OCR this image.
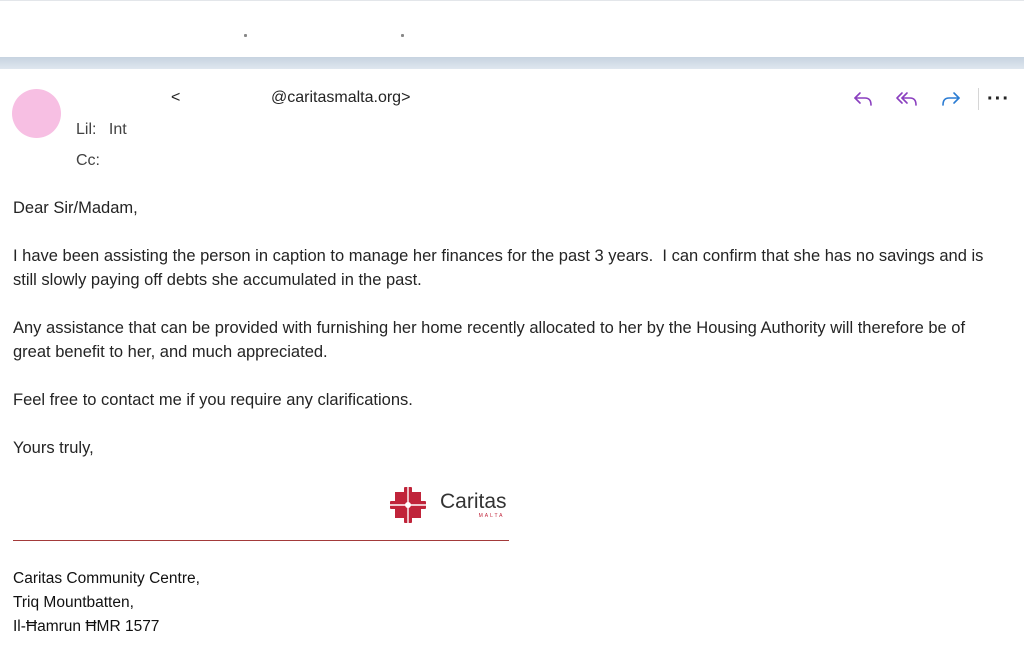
<	@caritasmalta.org>
Lil: Int
Cc:
···

Dear Sir/Madam,

I have been assisting the person in caption to manage her finances for the past 3 years.  I can confirm that she has no savings and is still slowly paying off debts she accumulated in the past.

Any assistance that can be provided with furnishing her home recently allocated to her by the Housing Authority will therefore be of great benefit to her, and much appreciated.

Feel free to contact me if you require any clarifications.

Yours truly,

Caritas
MALTA
Caritas Community Centre,
Triq Mountbatten,
Il-Ħamrun ĦMR 1577
